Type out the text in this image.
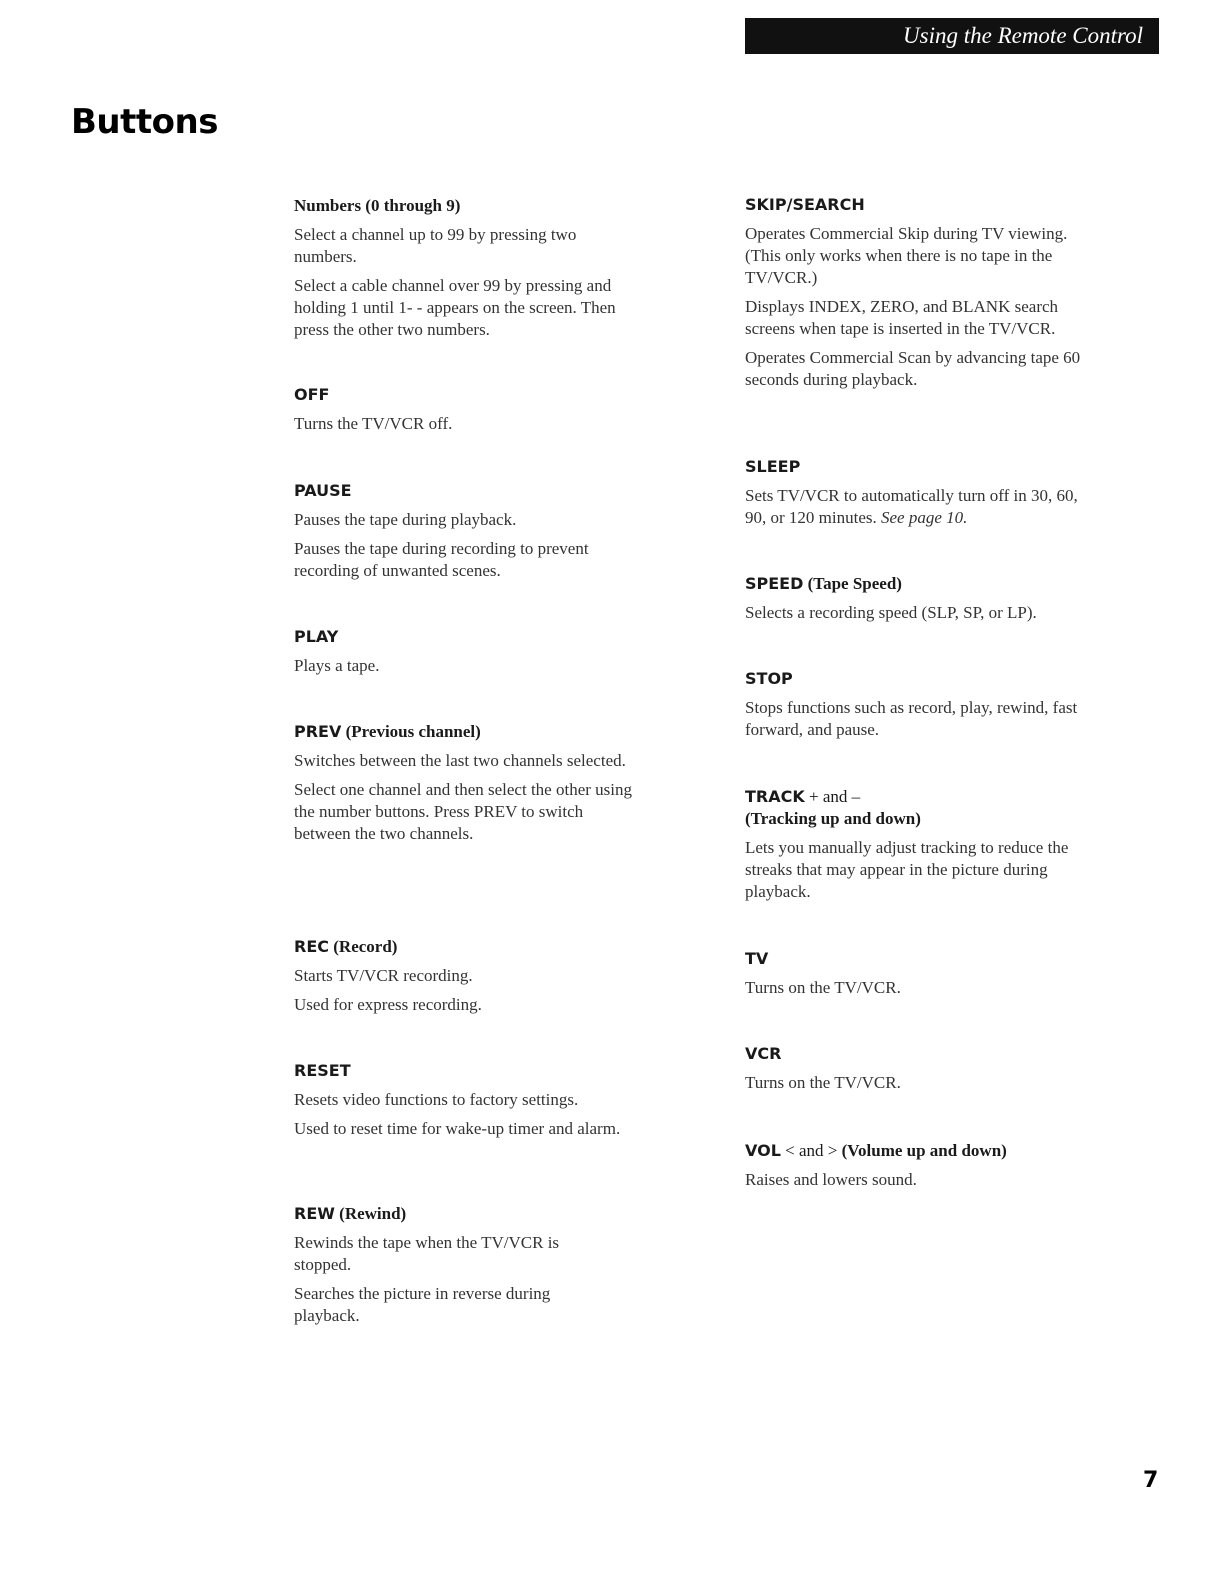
Using the Remote Control
Buttons
Numbers (0 through 9)

Select a channel up to 99 by pressing two numbers.

Select a cable channel over 99 by pressing and holding 1 until 1- - appears on the screen. Then press the other two numbers.

OFF

Turns the TV/VCR off.

PAUSE

Pauses the tape during playback.

Pauses the tape during recording to prevent recording of unwanted scenes.

PLAY

Plays a tape.

PREV (Previous channel)

Switches between the last two channels selected.

Select one channel and then select the other using the number buttons. Press PREV to switch between the two channels.

REC (Record)

Starts TV/VCR recording.

Used for express recording.

RESET

Resets video functions to factory settings.

Used to reset time for wake-up timer and alarm.

REW (Rewind)

Rewinds the tape when the TV/VCR is stopped.

Searches the picture in reverse during playback.

SKIP/SEARCH

Operates Commercial Skip during TV viewing. (This only works when there is no tape in the TV/VCR.)

Displays INDEX, ZERO, and BLANK search screens when tape is inserted in the TV/VCR.

Operates Commercial Scan by advancing tape 60 seconds during playback.

SLEEP

Sets TV/VCR to automatically turn off in 30, 60, 90, or 120 minutes. See page 10.

SPEED (Tape Speed)

Selects a recording speed (SLP, SP, or LP).

STOP

Stops functions such as record, play, rewind, fast forward, and pause.

TRACK + and –
(Tracking up and down)

Lets you manually adjust tracking to reduce the streaks that may appear in the picture during playback.

TV

Turns on the TV/VCR.

VCR

Turns on the TV/VCR.

VOL < and > (Volume up and down)

Raises and lowers sound.

7
